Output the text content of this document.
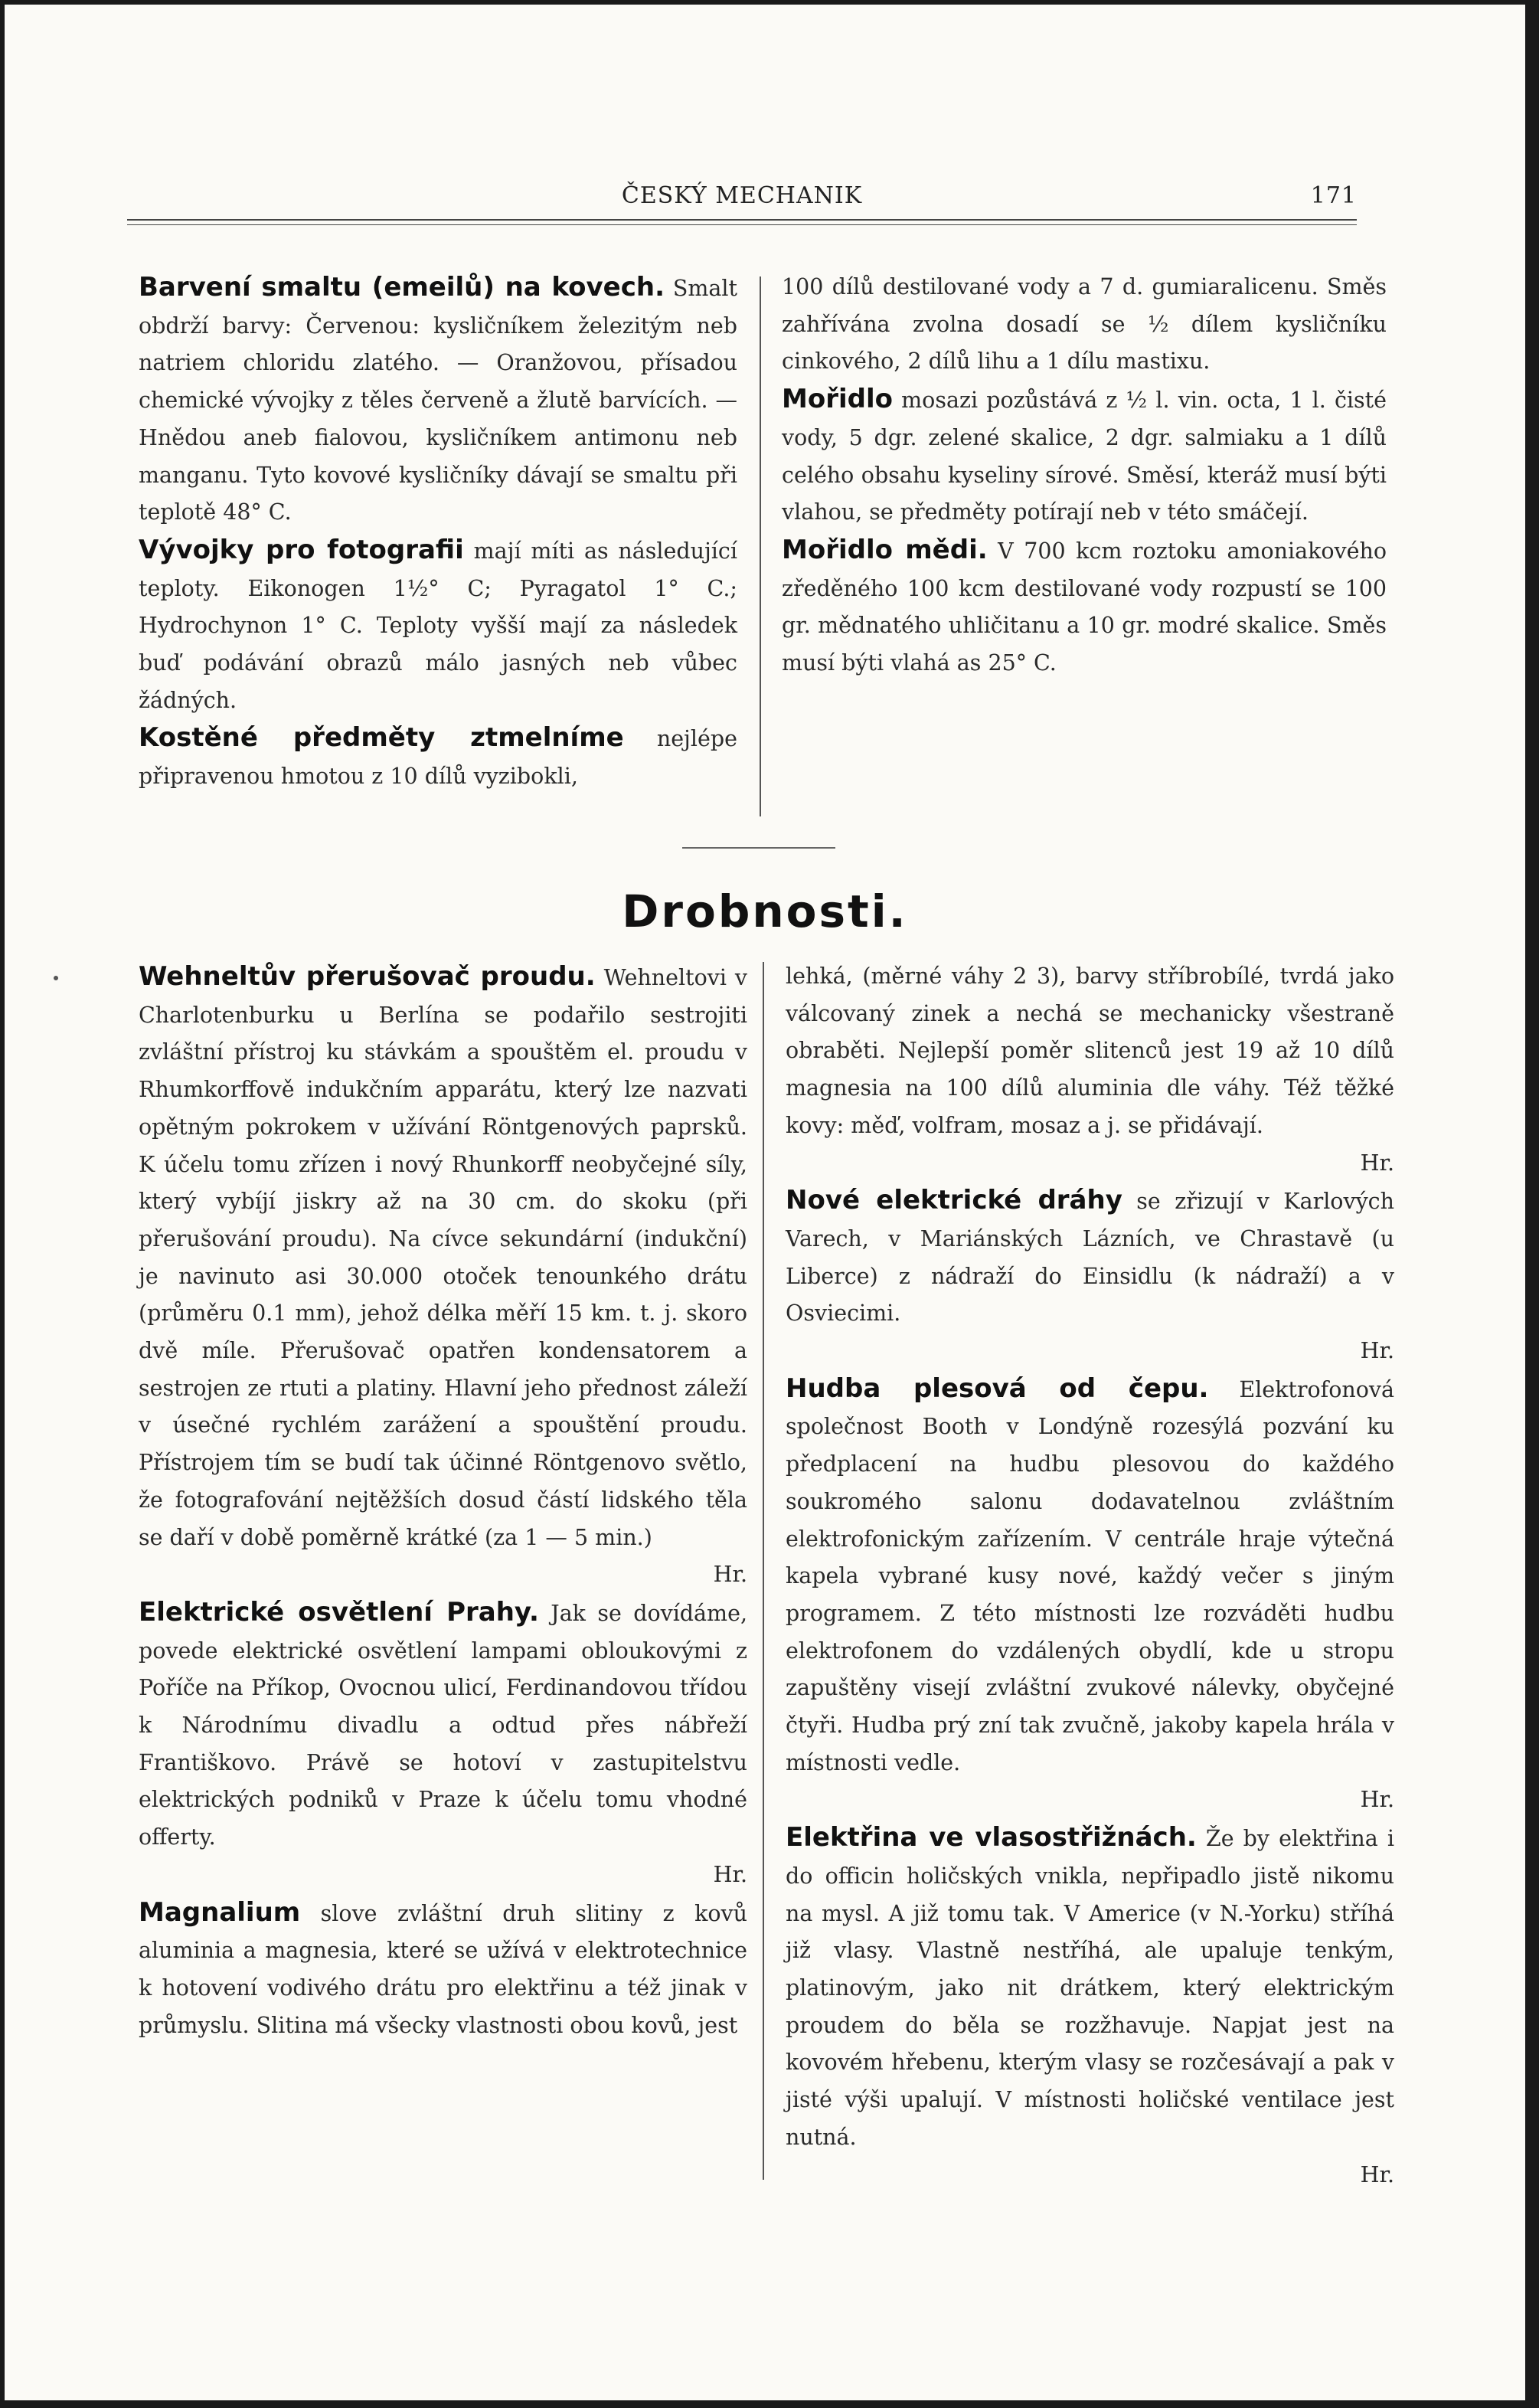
ČESKÝ MECHANIK	171

Barvení smaltu (emeilů) na kovech. Smalt obdrží barvy: Červenou: kysličníkem železitým neb natriem chloridu zlatého. — Oranžovou, přísadou chemické vývojky z těles červeně a žlutě barvících. — Hnědou aneb fialovou, kysličníkem antimonu neb manganu. Tyto kovové kysličníky dávají se smaltu při teplotě 48° C.

Vývojky pro fotografii mají míti as následující teploty. Eikonogen 1½° C; Pyragatol 1° C.; Hydrochynon 1° C. Teploty vyšší mají za následek buď podávání obrazů málo jasných neb vůbec žádných.

Kostěné předměty ztmelníme nejlépe připravenou hmotou z 10 dílů vyzibokli,

100 dílů destilované vody a 7 d. gumiaralicenu. Směs zahřívána zvolna dosadí se ½ dílem kysličníku cinkového, 2 dílů lihu a 1 dílu mastixu.

Mořidlo mosazi pozůstává z ½ l. vin. octa, 1 l. čisté vody, 5 dgr. zelené skalice, 2 dgr. salmiaku a 1 dílů celého obsahu kyseliny sírové. Směsí, kteráž musí býti vlahou, se předměty potírají neb v této smáčejí.

Mořidlo mědi. V 700 kcm roztoku amoniakového zředěného 100 kcm destilované vody rozpustí se 100 gr. mědnatého uhličitanu a 10 gr. modré skalice. Směs musí býti vlahá as 25° C.

Drobnosti.

Wehneltův přerušovač proudu. Wehneltovi v Charlotenburku u Berlína se podařilo sestrojiti zvláštní přístroj ku stávkám a spouštěm el. proudu v Rhumkorffově indukčním apparátu, který lze nazvati opětným pokrokem v užívání Röntgenových paprsků. K účelu tomu zřízen i nový Rhunkorff neobyčejné síly, který vybíjí jiskry až na 30 cm. do skoku (při přerušování proudu). Na cívce sekundární (indukční) je navinuto asi 30.000 otoček tenounkého drátu (průměru 0.1 mm), jehož délka měří 15 km. t. j. skoro dvě míle. Přerušovač opatřen kondensatorem a sestrojen ze rtuti a platiny. Hlavní jeho přednost záleží v úsečné rychlém zarážení a spouštění proudu. Přístrojem tím se budí tak účinné Röntgenovo světlo, že fotografování nejtěžších dosud částí lidského těla se daří v době poměrně krátké (za 1 — 5 min.)
Hr.

Elektrické osvětlení Prahy. Jak se dovídáme, povede elektrické osvětlení lampami obloukovými z Poříče na Příkop, Ovocnou ulicí, Ferdinandovou třídou k Národnímu divadlu a odtud přes nábřeží Františkovo. Právě se hotoví v zastupitelstvu elektrických podniků v Praze k účelu tomu vhodné offerty.
Hr.

Magnalium slove zvláštní druh slitiny z kovů aluminia a magnesia, které se užívá v elektrotechnice k hotovení vodivého drátu pro elektřinu a též jinak v průmyslu. Slitina má všecky vlastnosti obou kovů, jest

lehká, (měrné váhy 2 3), barvy stříbrobílé, tvrdá jako válcovaný zinek a nechá se mechanicky všestraně obraběti. Nejlepší poměr slitenců jest 19 až 10 dílů magnesia na 100 dílů aluminia dle váhy. Též těžké kovy: měď, volfram, mosaz a j. se přidávají.
Hr.

Nové elektrické dráhy se zřizují v Karlových Varech, v Mariánských Lázních, ve Chrastavě (u Liberce) z nádraží do Einsidlu (k nádraží) a v Osviecimi.
Hr.

Hudba plesová od čepu. Elektrofonová společnost Booth v Londýně rozesýlá pozvání ku předplacení na hudbu plesovou do každého soukromého salonu dodavatelnou zvláštním elektrofonickým zařízením. V centrále hraje výtečná kapela vybrané kusy nové, každý večer s jiným programem. Z této místnosti lze rozváděti hudbu elektrofonem do vzdálených obydlí, kde u stropu zapuštěny visejí zvláštní zvukové nálevky, obyčejné čtyři. Hudba prý zní tak zvučně, jakoby kapela hrála v místnosti vedle.
Hr.

Elektřina ve vlasostřižnách. Že by elektřina i do officin holičských vnikla, nepřipadlo jistě nikomu na mysl. A již tomu tak. V Americe (v N.-Yorku) stříhá již vlasy. Vlastně nestříhá, ale upaluje tenkým, platinovým, jako nit drátkem, který elektrickým proudem do běla se rozžhavuje. Napjat jest na kovovém hřebenu, kterým vlasy se rozčesávají a pak v jisté výši upalují. V místnosti holičské ventilace jest nutná.
Hr.
